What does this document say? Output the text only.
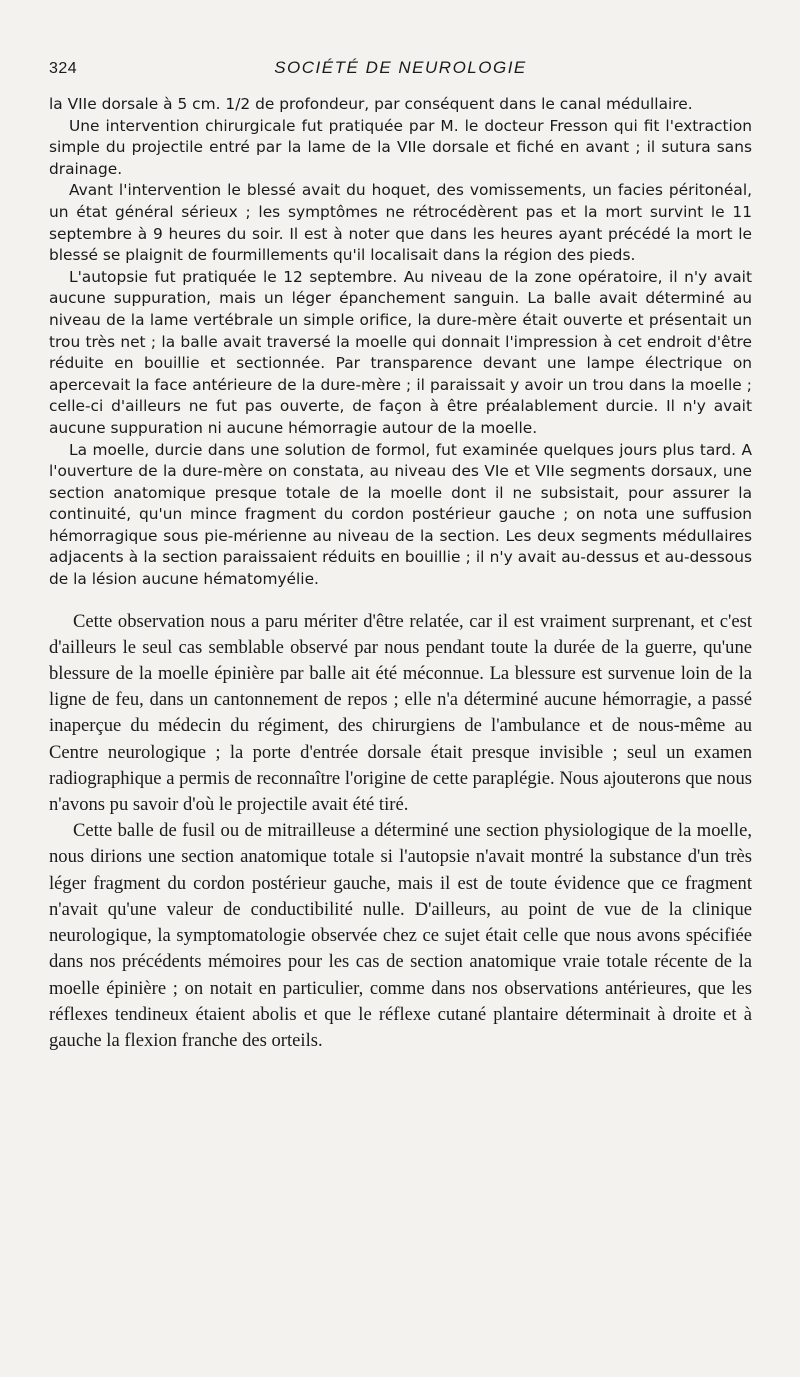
324	SOCIÉTÉ DE NEUROLOGIE

la VIIe dorsale à 5 cm. 1/2 de profondeur, par conséquent dans le canal médullaire.

Une intervention chirurgicale fut pratiquée par M. le docteur Fresson qui fit l'extraction simple du projectile entré par la lame de la VIIe dorsale et fiché en avant ; il sutura sans drainage.

Avant l'intervention le blessé avait du hoquet, des vomissements, un facies péritonéal, un état général sérieux ; les symptômes ne rétrocédèrent pas et la mort survint le 11 septembre à 9 heures du soir. Il est à noter que dans les heures ayant précédé la mort le blessé se plaignit de fourmillements qu'il localisait dans la région des pieds.

L'autopsie fut pratiquée le 12 septembre. Au niveau de la zone opératoire, il n'y avait aucune suppuration, mais un léger épanchement sanguin. La balle avait déterminé au niveau de la lame vertébrale un simple orifice, la dure-mère était ouverte et présentait un trou très net ; la balle avait traversé la moelle qui donnait l'impression à cet endroit d'être réduite en bouillie et sectionnée. Par transparence devant une lampe électrique on apercevait la face antérieure de la dure-mère ; il paraissait y avoir un trou dans la moelle ; celle-ci d'ailleurs ne fut pas ouverte, de façon à être préalablement durcie. Il n'y avait aucune suppuration ni aucune hémorragie autour de la moelle.

La moelle, durcie dans une solution de formol, fut examinée quelques jours plus tard. A l'ouverture de la dure-mère on constata, au niveau des VIe et VIIe segments dorsaux, une section anatomique presque totale de la moelle dont il ne subsistait, pour assurer la continuité, qu'un mince fragment du cordon postérieur gauche ; on nota une suffusion hémorragique sous pie-mérienne au niveau de la section. Les deux segments médullaires adjacents à la section paraissaient réduits en bouillie ; il n'y avait au-dessus et au-dessous de la lésion aucune hématomyélie.

Cette observation nous a paru mériter d'être relatée, car il est vraiment surprenant, et c'est d'ailleurs le seul cas semblable observé par nous pendant toute la durée de la guerre, qu'une blessure de la moelle épinière par balle ait été méconnue. La blessure est survenue loin de la ligne de feu, dans un cantonnement de repos ; elle n'a déterminé aucune hémorragie, a passé inaperçue du médecin du régiment, des chirurgiens de l'ambulance et de nous-même au Centre neurologique ; la porte d'entrée dorsale était presque invisible ; seul un examen radiographique a permis de reconnaître l'origine de cette paraplégie. Nous ajouterons que nous n'avons pu savoir d'où le projectile avait été tiré.

Cette balle de fusil ou de mitrailleuse a déterminé une section physiologique de la moelle, nous dirions une section anatomique totale si l'autopsie n'avait montré la substance d'un très léger fragment du cordon postérieur gauche, mais il est de toute évidence que ce fragment n'avait qu'une valeur de conductibilité nulle. D'ailleurs, au point de vue de la clinique neurologique, la symptomatologie observée chez ce sujet était celle que nous avons spécifiée dans nos précédents mémoires pour les cas de section anatomique vraie totale récente de la moelle épinière ; on notait en particulier, comme dans nos observations antérieures, que les réflexes tendineux étaient abolis et que le réflexe cutané plantaire déterminait à droite et à gauche la flexion franche des orteils.
